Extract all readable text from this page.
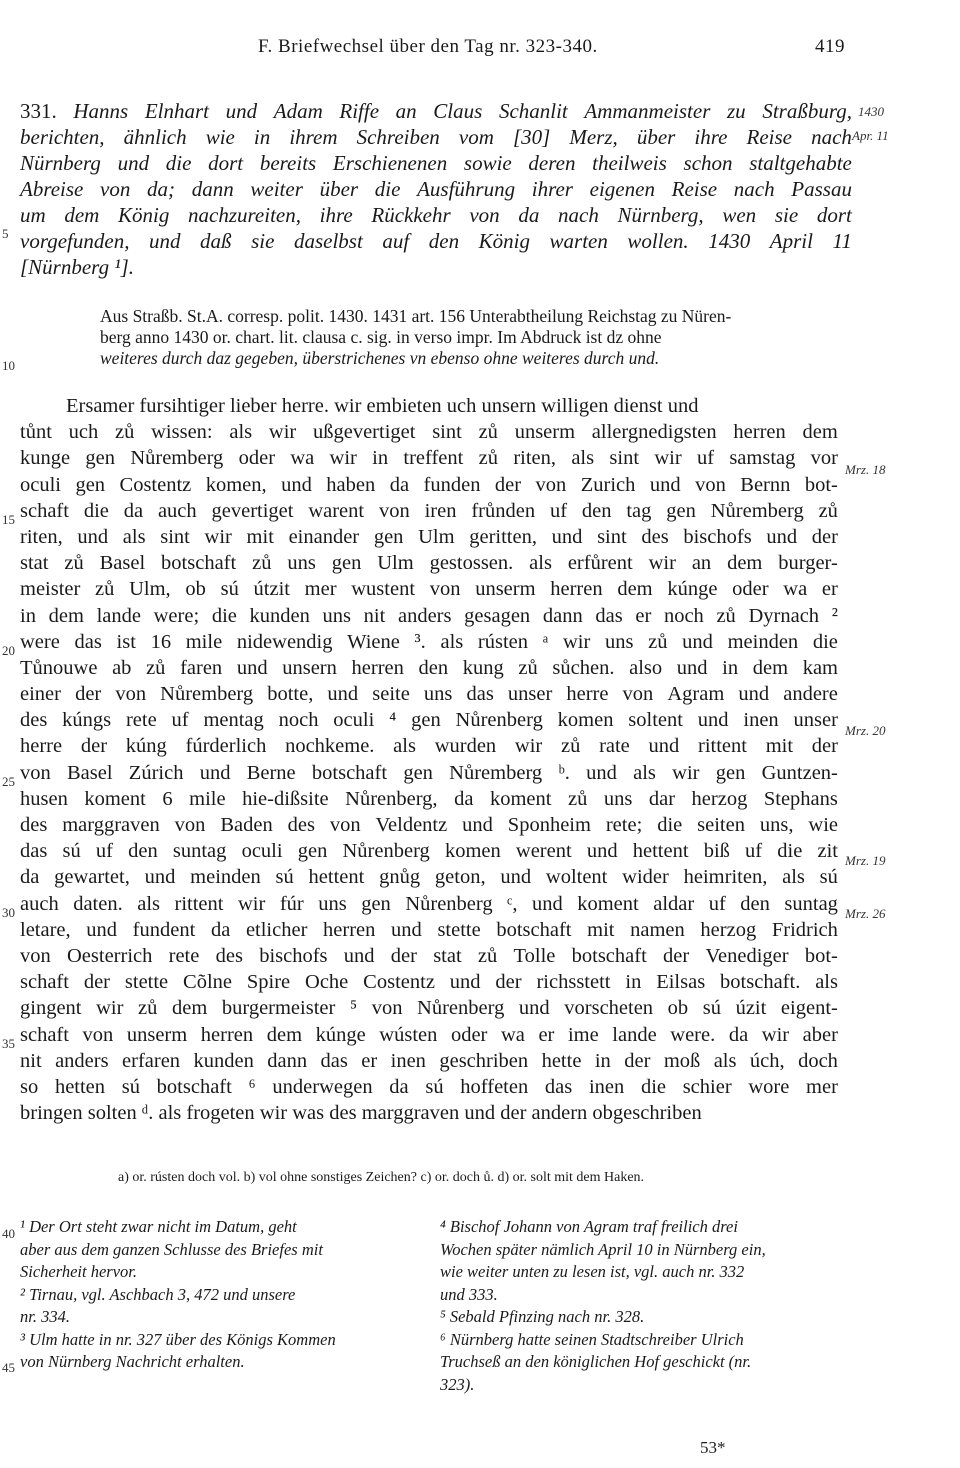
F. Briefwechsel über den Tag nr. 323-340.	419
331. Hanns Elnhart und Adam Riffe an Claus Schanlit Ammanmeister zu Straßburg,
berichten, ähnlich wie in ihrem Schreiben vom [30] Merz, über ihre Reise nach
Nürnberg und die dort bereits Erschienenen sowie deren theilweis schon staltgehabte
Abreise von da; dann weiter über die Ausführung ihrer eigenen Reise nach Passau
um dem König nachzureiten, ihre Rückkehr von da nach Nürnberg, wen sie dort
vorgefunden, und daß sie daselbst auf den König warten wollen. 1430 April 11
[Nürnberg ¹].
1430
Apr. 11
Aus Straßb. St.A. corresp. polit. 1430. 1431 art. 156 Unterabtheilung Reichstag zu Nüren-
berg anno 1430 or. chart. lit. clausa c. sig. in verso impr. Im Abdruck ist dz ohne
weiteres durch daz gegeben, überstrichenes vn ebenso ohne weiteres durch und.
Ersamer fursihtiger lieber herre. wir embieten uch unsern willigen dienst und
tůnt uch zů wissen: als wir ußgevertiget sint zů unserm allergnedigsten herren dem
kunge gen Nůremberg oder wa wir in treffent zů riten, als sint wir uf samstag vor
oculi gen Costentz komen, und haben da funden der von Zurich und von Bernn bot-
schaft die da auch gevertiget warent von iren frůnden uf den tag gen Nůremberg zů
riten, und als sint wir mit einander gen Ulm geritten, und sint des bischofs und der
stat zů Basel botschaft zů uns gen Ulm gestossen. als erfůrent wir an dem burger-
meister zů Ulm, ob sú útzit mer wustent von unserm herren dem kúnge oder wa er
in dem lande were; die kunden uns nit anders gesagen dann das er noch zů Dyrnach ²
were das ist 16 mile nidewendig Wiene ³. als rústen ᵃ wir uns zů und meinden die
Tůnouwe ab zů faren und unsern herren den kung zů sůchen. also und in dem kam
einer der von Nůremberg botte, und seite uns das unser herre von Agram und andere
des kúngs rete uf mentag noch oculi ⁴ gen Nůrenberg komen soltent und inen unser
herre der kúng fúrderlich nochkeme. als wurden wir zů rate und rittent mit der
von Basel Zúrich und Berne botschaft gen Nůremberg ᵇ. und als wir gen Guntzen-
husen koment 6 mile hie-dißsite Nůrenberg, da koment zů uns dar herzog Stephans
des marggraven von Baden des von Veldentz und Sponheim rete; die seiten uns, wie
das sú uf den suntag oculi gen Nůrenberg komen werent und hettent biß uf die zit
da gewartet, und meinden sú hettent gnůg geton, und woltent wider heimriten, als sú
auch daten. als rittent wir fúr uns gen Nůrenberg ᶜ, und koment aldar uf den suntag
letare, und fundent da etlicher herren und stette botschaft mit namen herzog Fridrich
von Oesterrich rete des bischofs und der stat zů Tolle botschaft der Venediger bot-
schaft der stette Cõlne Spire Oche Costentz und der richsstett in Eilsas botschaft. als
gingent wir zů dem burgermeister ⁵ von Nůrenberg und vorscheten ob sú úzit eigent-
schaft von unserm herren dem kúnge wústen oder wa er ime lande were. da wir aber
nit anders erfaren kunden dann das er inen geschriben hette in der moß als úch, doch
so hetten sú botschaft ⁶ underwegen da sú hoffeten das inen die schier wore mer
bringen solten ᵈ. als frogeten wir was des marggraven und der andern obgeschriben
Mrz. 18
Mrz. 20
Mrz. 19
Mrz. 26
5
10
15
20
25
30
35
40
45
a) or. rústen doch vol. b) vol ohne sonstiges Zeichen? c) or. doch ů. d) or. solt mit dem Haken.
¹ Der Ort steht zwar nicht im Datum, geht
aber aus dem ganzen Schlusse des Briefes mit
Sicherheit hervor.
² Tirnau, vgl. Aschbach 3, 472 und unsere
nr. 334.
³ Ulm hatte in nr. 327 über des Königs Kommen
von Nürnberg Nachricht erhalten.
⁴ Bischof Johann von Agram traf freilich drei
Wochen später nämlich April 10 in Nürnberg ein,
wie weiter unten zu lesen ist, vgl. auch nr. 332
und 333.
⁵ Sebald Pfinzing nach nr. 328.
⁶ Nürnberg hatte seinen Stadtschreiber Ulrich
Truchseß an den königlichen Hof geschickt (nr.
323).
53*
